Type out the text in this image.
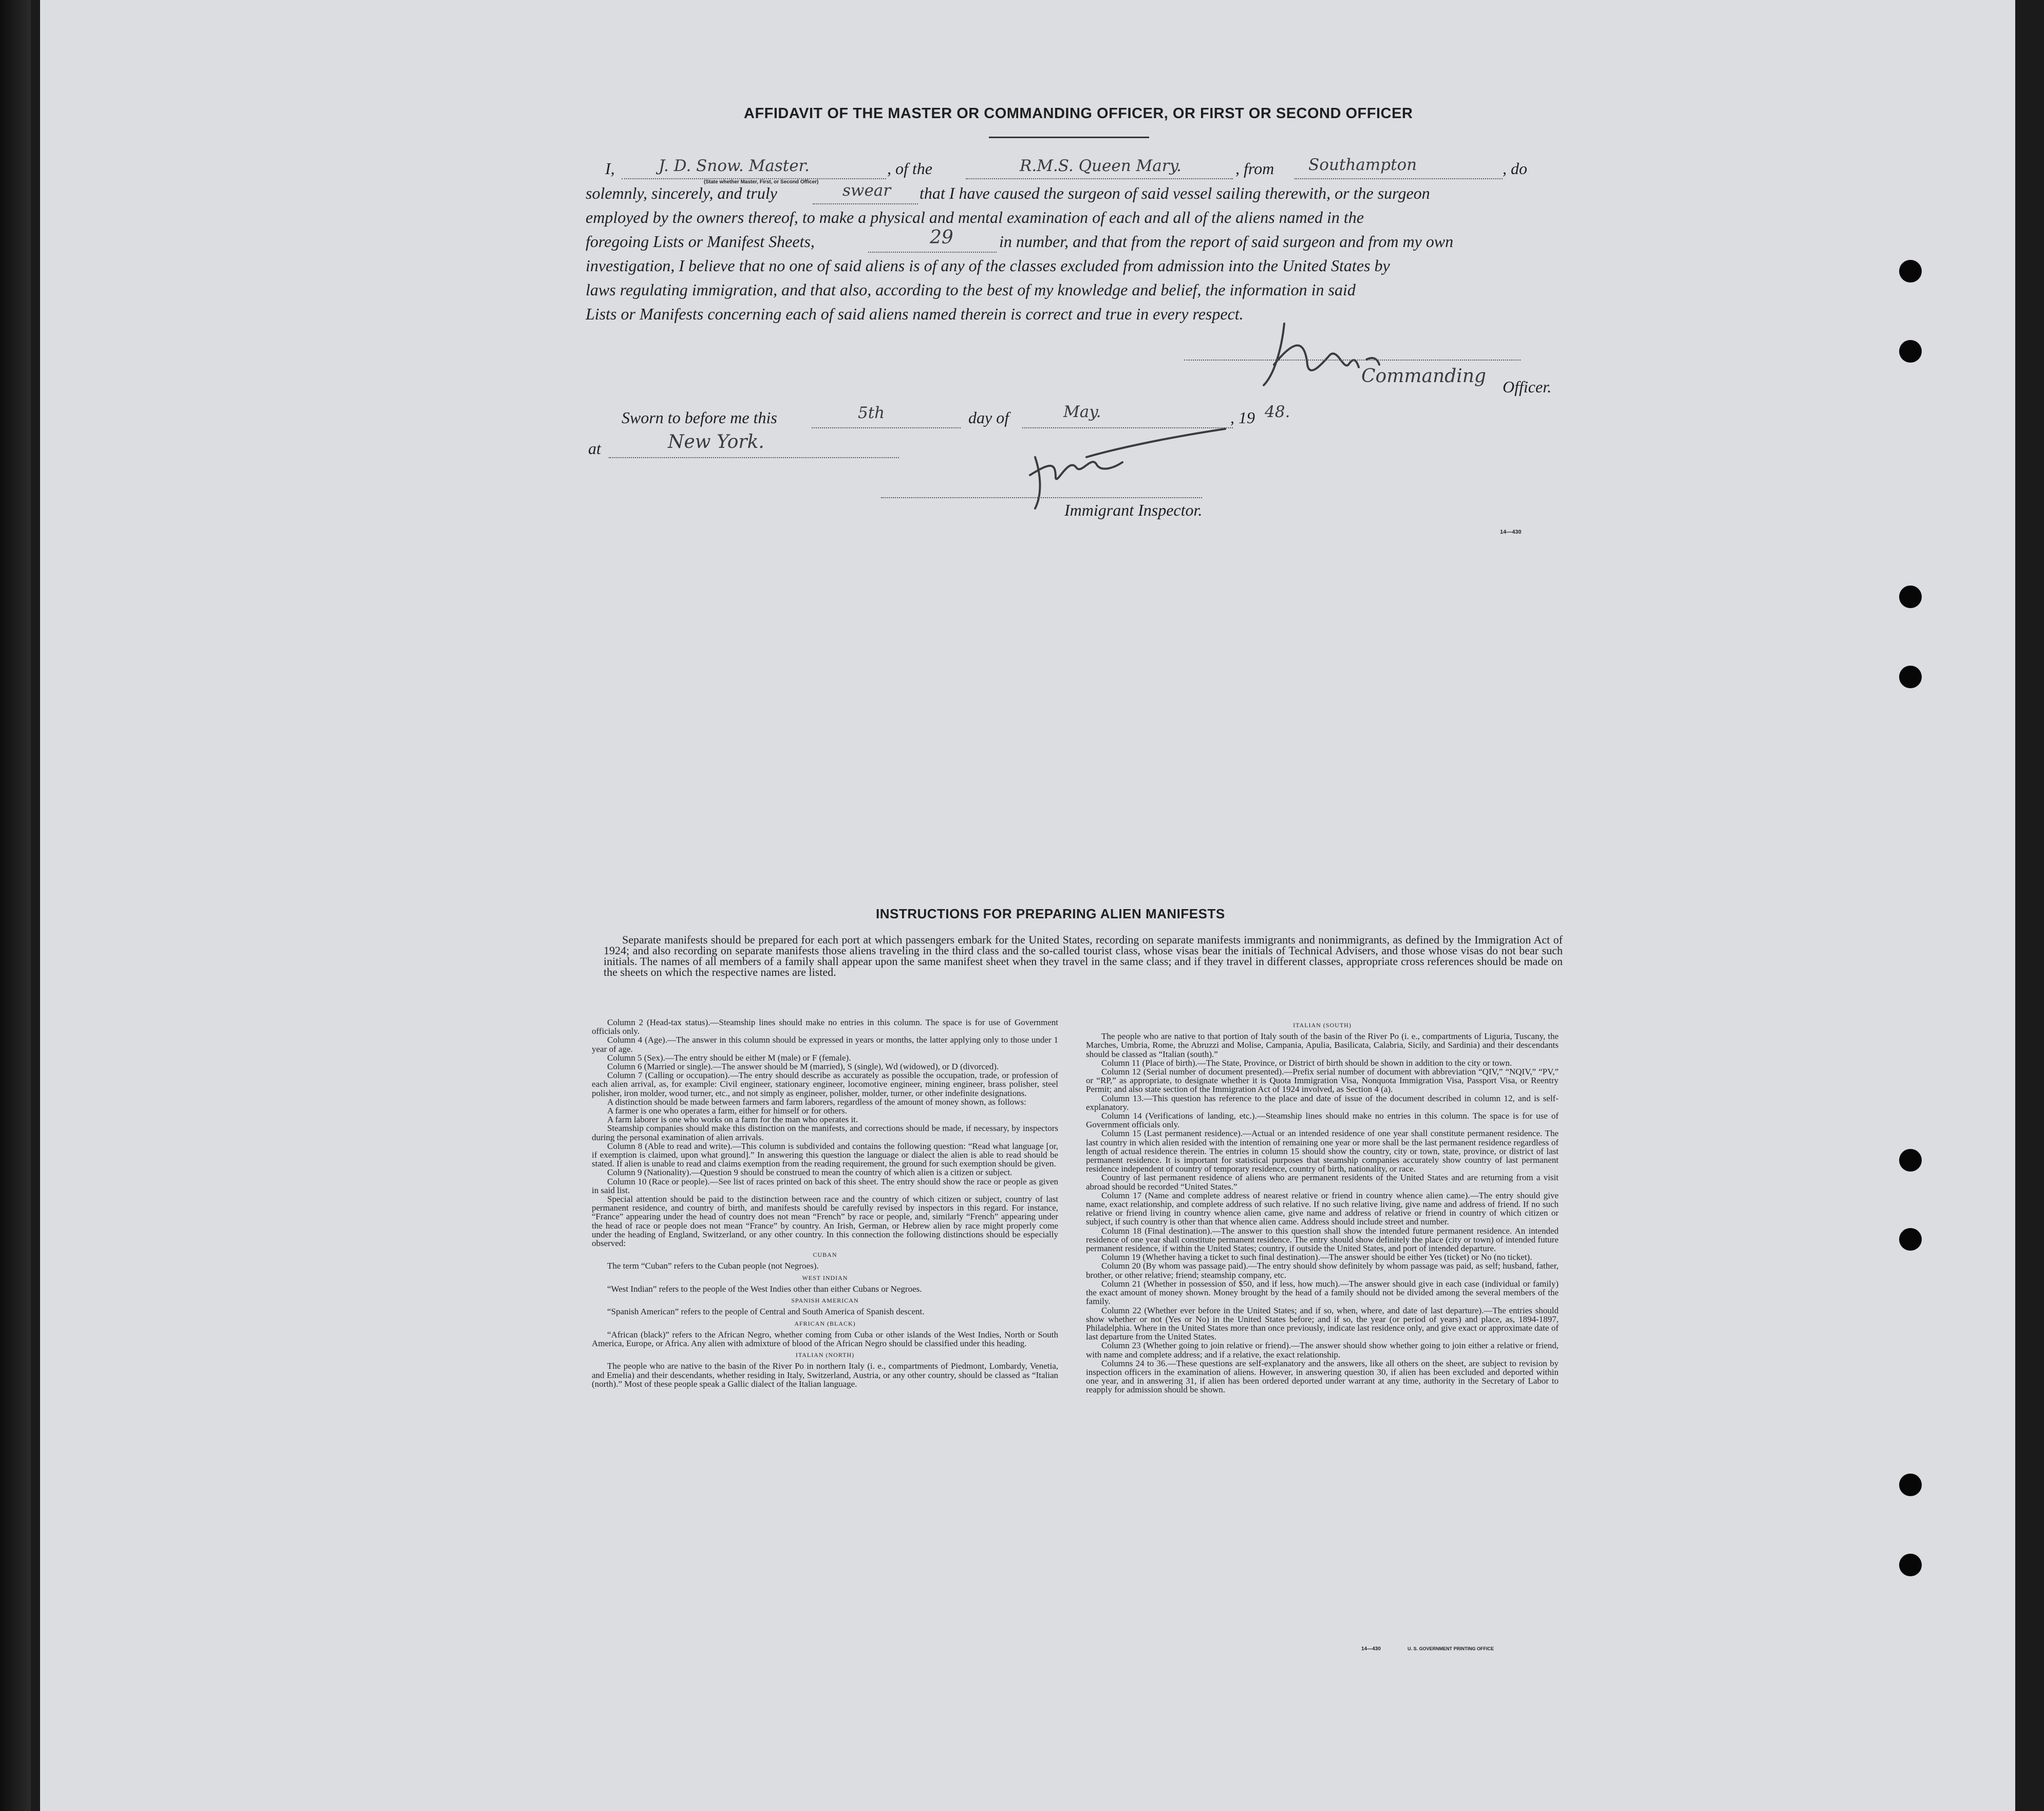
AFFIDAVIT OF THE MASTER OR COMMANDING OFFICER, OR FIRST OR SECOND OFFICER
I,	J. D. Snow. Master.	, of the	R.M.S. Queen Mary.	, from Southampton	, do
(State whether Master, First, or Second Officer)
solemnly, sincerely, and truly	swear that I have caused the surgeon of said vessel sailing therewith, or the surgeon
employed by the owners thereof, to make a physical and mental examination of each and all of the aliens named in the
foregoing Lists or Manifest Sheets,	29	in number, and that from the report of said surgeon and from my own
investigation, I believe that no one of said aliens is of any of the classes excluded from admission into the United States by
laws regulating immigration, and that also, according to the best of my knowledge and belief, the information in said
Lists or Manifests concerning each of said aliens named therein is correct and true in every respect.
Commanding Officer.
Sworn to before me this	5th	day of	May.	, 19 48.
at	New York.
Immigrant Inspector.
14—430
INSTRUCTIONS FOR PREPARING ALIEN MANIFESTS
Separate manifests should be prepared for each port at which passengers embark for the United States, recording on separate manifests immigrants and nonimmigrants, as defined by the Immigration Act of 1924; and also recording on separate manifests those aliens traveling in the third class and the so-called tourist class, whose visas bear the initials of Technical Advisers, and those whose visas do not bear such initials. The names of all members of a family shall appear upon the same manifest sheet when they travel in the same class; and if they travel in different classes, appropriate cross references should be made on the sheets on which the respective names are listed.

Column 2 (Head-tax status).—Steamship lines should make no entries in this column. The space is for use of Government officials only.

Column 4 (Age).—The answer in this column should be expressed in years or months, the latter applying only to those under 1 year of age.

Column 5 (Sex).—The entry should be either M (male) or F (female).

Column 6 (Married or single).—The answer should be M (married), S (single), Wd (widowed), or D (divorced).

Column 7 (Calling or occupation).—The entry should describe as accurately as possible the occupation, trade, or profession of each alien arrival, as, for example: Civil engineer, stationary engineer, locomotive engineer, mining engineer, brass polisher, steel polisher, iron molder, wood turner, etc., and not simply as engineer, polisher, molder, turner, or other indefinite designations.

A distinction should be made between farmers and farm laborers, regardless of the amount of money shown, as follows:

A farmer is one who operates a farm, either for himself or for others.

A farm laborer is one who works on a farm for the man who operates it.

Steamship companies should make this distinction on the manifests, and corrections should be made, if necessary, by inspectors during the personal examination of alien arrivals.

Column 8 (Able to read and write).—This column is subdivided and contains the following question: “Read what language [or, if exemption is claimed, upon what ground].” In answering this question the language or dialect the alien is able to read should be stated. If alien is unable to read and claims exemption from the reading requirement, the ground for such exemption should be given.

Column 9 (Nationality).—Question 9 should be construed to mean the country of which alien is a citizen or subject.

Column 10 (Race or people).—See list of races printed on back of this sheet. The entry should show the race or people as given in said list.

Special attention should be paid to the distinction between race and the country of which citizen or subject, country of last permanent residence, and country of birth, and manifests should be carefully revised by inspectors in this regard. For instance, “France” appearing under the head of country does not mean “French” by race or people, and, similarly “French” appearing under the head of race or people does not mean “France” by country. An Irish, German, or Hebrew alien by race might properly come under the heading of England, Switzerland, or any other country. In this connection the following distinctions should be especially observed:

CUBAN

The term “Cuban” refers to the Cuban people (not Negroes).

WEST INDIAN

“West Indian” refers to the people of the West Indies other than either Cubans or Negroes.

SPANISH AMERICAN

“Spanish American” refers to the people of Central and South America of Spanish descent.

AFRICAN (BLACK)

“African (black)” refers to the African Negro, whether coming from Cuba or other islands of the West Indies, North or South America, Europe, or Africa. Any alien with admixture of blood of the African Negro should be classified under this heading.

ITALIAN (NORTH)

The people who are native to the basin of the River Po in northern Italy (i. e., compartments of Piedmont, Lombardy, Venetia, and Emelia) and their descendants, whether residing in Italy, Switzerland, Austria, or any other country, should be classed as “Italian (north).” Most of these people speak a Gallic dialect of the Italian language.

ITALIAN (SOUTH)

The people who are native to that portion of Italy south of the basin of the River Po (i. e., compartments of Liguria, Tuscany, the Marches, Umbria, Rome, the Abruzzi and Molise, Campania, Apulia, Basilicata, Calabria, Sicily, and Sardinia) and their descendants should be classed as “Italian (south).”

Column 11 (Place of birth).—The State, Province, or District of birth should be shown in addition to the city or town.

Column 12 (Serial number of document presented).—Prefix serial number of document with abbreviation “QIV,” “NQIV,” “PV,” or “RP,” as appropriate, to designate whether it is Quota Immigration Visa, Nonquota Immigration Visa, Passport Visa, or Reentry Permit; and also state section of the Immigration Act of 1924 involved, as Section 4 (a).

Column 13.—This question has reference to the place and date of issue of the document described in column 12, and is self-explanatory.

Column 14 (Verifications of landing, etc.).—Steamship lines should make no entries in this column. The space is for use of Government officials only.

Column 15 (Last permanent residence).—Actual or an intended residence of one year shall constitute permanent residence. The last country in which alien resided with the intention of remaining one year or more shall be the last permanent residence regardless of length of actual residence therein. The entries in column 15 should show the country, city or town, state, province, or district of last permanent residence. It is important for statistical purposes that steamship companies accurately show country of last permanent residence independent of country of temporary residence, country of birth, nationality, or race.

Country of last permanent residence of aliens who are permanent residents of the United States and are returning from a visit abroad should be recorded “United States.”

Column 17 (Name and complete address of nearest relative or friend in country whence alien came).—The entry should give name, exact relationship, and complete address of such relative. If no such relative living, give name and address of friend. If no such relative or friend living in country whence alien came, give name and address of relative or friend in country of which citizen or subject, if such country is other than that whence alien came. Address should include street and number.

Column 18 (Final destination).—The answer to this question shall show the intended future permanent residence. An intended residence of one year shall constitute permanent residence. The entry should show definitely the place (city or town) of intended future permanent residence, if within the United States; country, if outside the United States, and port of intended departure.

Column 19 (Whether having a ticket to such final destination).—The answer should be either Yes (ticket) or No (no ticket).

Column 20 (By whom was passage paid).—The entry should show definitely by whom passage was paid, as self; husband, father, brother, or other relative; friend; steamship company, etc.

Column 21 (Whether in possession of $50, and if less, how much).—The answer should give in each case (individual or family) the exact amount of money shown. Money brought by the head of a family should not be divided among the several members of the family.

Column 22 (Whether ever before in the United States; and if so, when, where, and date of last departure).—The entries should show whether or not (Yes or No) in the United States before; and if so, the year (or period of years) and place, as, 1894-1897, Philadelphia. Where in the United States more than once previously, indicate last residence only, and give exact or approximate date of last departure from the United States.

Column 23 (Whether going to join relative or friend).—The answer should show whether going to join either a relative or friend, with name and complete address; and if a relative, the exact relationship.

Columns 24 to 36.—These questions are self-explanatory and the answers, like all others on the sheet, are subject to revision by inspection officers in the examination of aliens. However, in answering question 30, if alien has been excluded and deported within one year, and in answering 31, if alien has been ordered deported under warrant at any time, authority in the Secretary of Labor to reapply for admission should be shown.

14—430	U. S. GOVERNMENT PRINTING OFFICE
